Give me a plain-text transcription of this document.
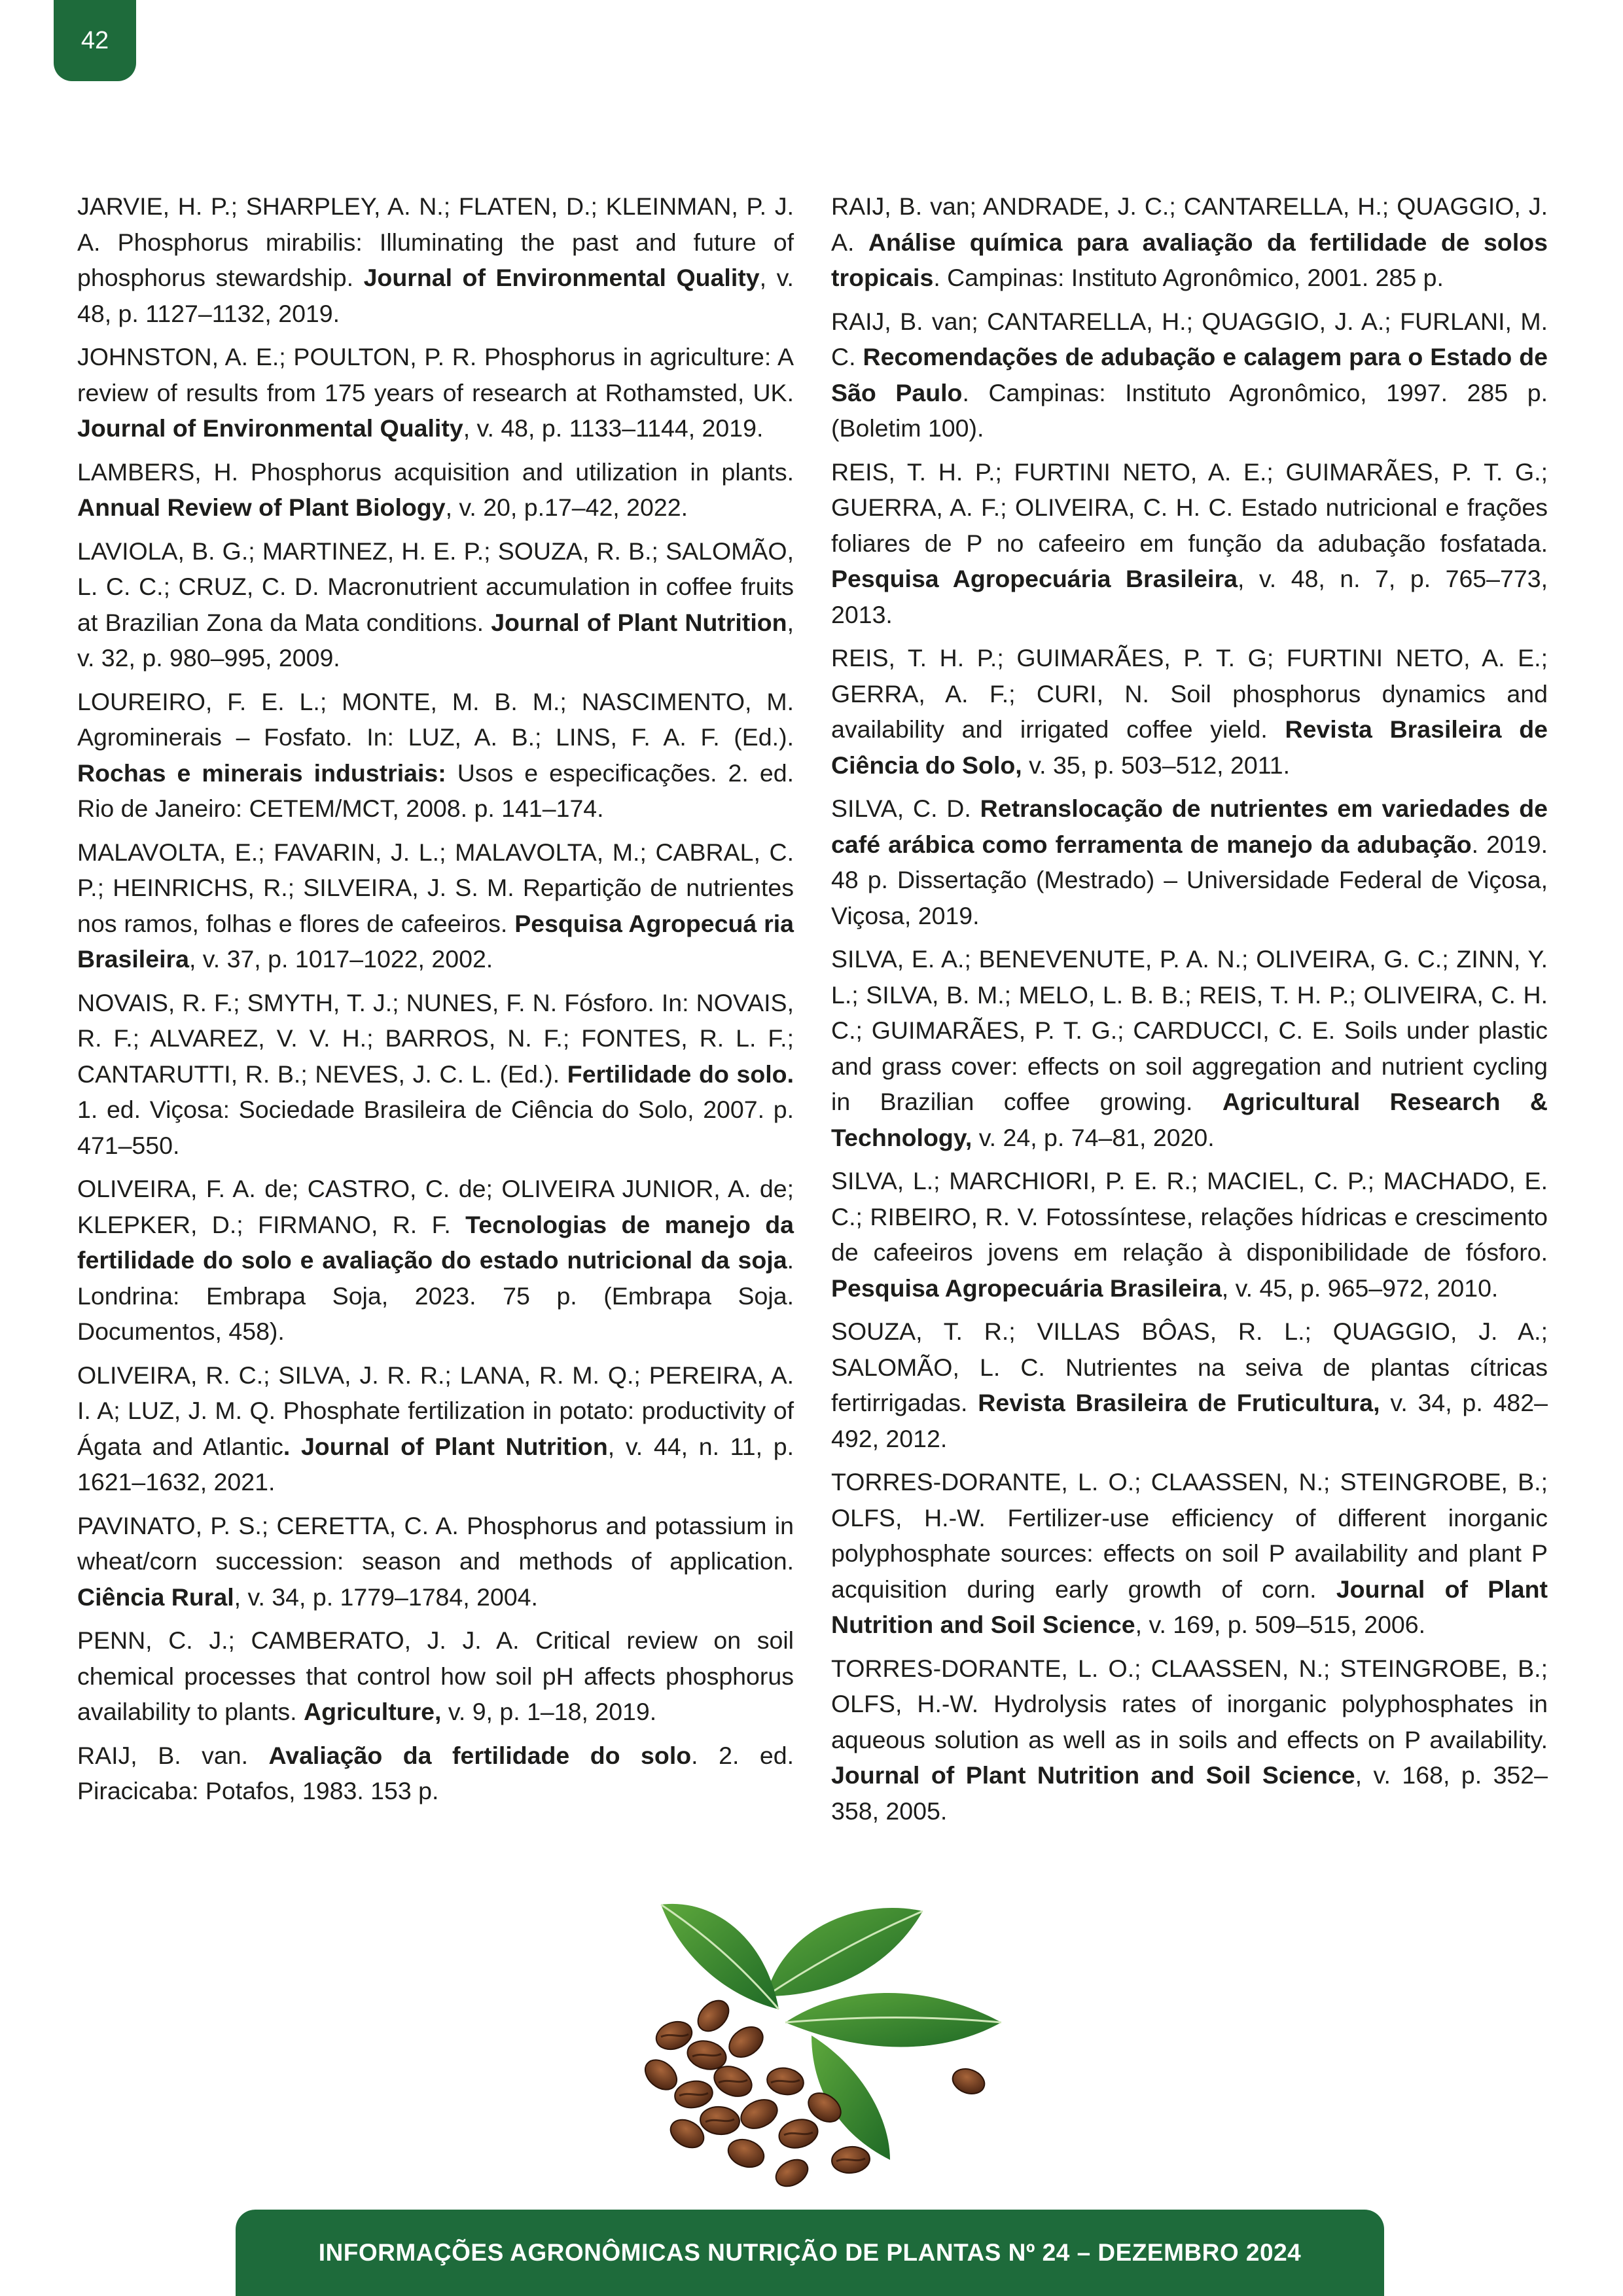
42

JARVIE, H. P.; SHARPLEY, A. N.; FLATEN, D.; KLEINMAN, P. J. A. Phosphorus mirabilis: Illuminating the past and future of phosphorus stewardship. Journal of Environmental Quality, v. 48, p. 1127–1132, 2019.

JOHNSTON, A. E.; POULTON, P. R. Phosphorus in agriculture: A review of results from 175 years of research at Rothamsted, UK. Journal of Environmental Quality, v. 48, p. 1133–1144, 2019.

LAMBERS, H. Phosphorus acquisition and utilization in plants. Annual Review of Plant Biology, v. 20, p.17–42, 2022.

LAVIOLA, B. G.; MARTINEZ, H. E. P.; SOUZA, R. B.; SALOMÃO, L. C. C.; CRUZ, C. D. Macronutrient accumulation in coffee fruits at Brazilian Zona da Mata conditions. Journal of Plant Nutrition, v. 32, p. 980–995, 2009.

LOUREIRO, F. E. L.; MONTE, M. B. M.; NASCIMENTO, M. Agrominerais – Fosfato. In: LUZ, A. B.; LINS, F. A. F. (Ed.). Rochas e minerais industriais: Usos e especificações. 2. ed. Rio de Janeiro: CETEM/MCT, 2008. p. 141–174.

MALAVOLTA, E.; FAVARIN, J. L.; MALAVOLTA, M.; CABRAL, C. P.; HEINRICHS, R.; SILVEIRA, J. S. M. Repartição de nutrientes nos ramos, folhas e flores de cafeeiros. Pesquisa Agropecuá ria Brasileira, v. 37, p. 1017–1022, 2002.

NOVAIS, R. F.; SMYTH, T. J.; NUNES, F. N. Fósforo. In: NOVAIS, R. F.; ALVAREZ, V. V. H.; BARROS, N. F.; FONTES, R. L. F.; CANTARUTTI, R. B.; NEVES, J. C. L. (Ed.). Fertilidade do solo. 1. ed. Viçosa: Sociedade Brasileira de Ciência do Solo, 2007. p. 471–550.

OLIVEIRA, F. A. de; CASTRO, C. de; OLIVEIRA JUNIOR, A. de; KLEPKER, D.; FIRMANO, R. F. Tecnologias de manejo da fertilidade do solo e avaliação do estado nutricional da soja. Londrina: Embrapa Soja, 2023. 75 p. (Embrapa Soja. Documentos, 458).

OLIVEIRA, R. C.; SILVA, J. R. R.; LANA, R. M. Q.; PEREIRA, A. I. A; LUZ, J. M. Q. Phosphate fertilization in potato: productivity of Ágata and Atlantic. Journal of Plant Nutrition, v. 44, n. 11, p. 1621–1632, 2021.

PAVINATO, P. S.; CERETTA, C. A. Phosphorus and potassium in wheat/corn succession: season and methods of application. Ciência Rural, v. 34, p. 1779–1784, 2004.

PENN, C. J.; CAMBERATO, J. J. A. Critical review on soil chemical processes that control how soil pH affects phosphorus availability to plants. Agriculture, v. 9, p. 1–18, 2019.

RAIJ, B. van. Avaliação da fertilidade do solo. 2. ed. Piracicaba: Potafos, 1983. 153 p.

RAIJ, B. van; ANDRADE, J. C.; CANTARELLA, H.; QUAGGIO, J. A. Análise química para avaliação da fertilidade de solos tropicais. Campinas: Instituto Agronômico, 2001. 285 p.

RAIJ, B. van; CANTARELLA, H.; QUAGGIO, J. A.; FURLANI, M. C. Recomendações de adubação e calagem para o Estado de São Paulo. Campinas: Instituto Agronômico, 1997. 285 p. (Boletim 100).

REIS, T. H. P.; FURTINI NETO, A. E.; GUIMARÃES, P. T. G.; GUERRA, A. F.; OLIVEIRA, C. H. C. Estado nutricional e frações foliares de P no cafeeiro em função da adubação fosfatada. Pesquisa Agropecuária Brasileira, v. 48, n. 7, p. 765–773, 2013.

REIS, T. H. P.; GUIMARÃES, P. T. G; FURTINI NETO, A. E.; GERRA, A. F.; CURI, N. Soil phosphorus dynamics and availability and irrigated coffee yield. Revista Brasileira de Ciência do Solo, v. 35, p. 503–512, 2011.

SILVA, C. D. Retranslocação de nutrientes em variedades de café arábica como ferramenta de manejo da adubação. 2019. 48 p. Dissertação (Mestrado) – Universidade Federal de Viçosa, Viçosa, 2019.

SILVA, E. A.; BENEVENUTE, P. A. N.; OLIVEIRA, G. C.; ZINN, Y. L.; SILVA, B. M.; MELO, L. B. B.; REIS, T. H. P.; OLIVEIRA, C. H. C.; GUIMARÃES, P. T. G.; CARDUCCI, C. E. Soils under plastic and grass cover: effects on soil aggregation and nutrient cycling in Brazilian coffee growing. Agricultural Research & Technology, v. 24, p. 74–81, 2020.

SILVA, L.; MARCHIORI, P. E. R.; MACIEL, C. P.; MACHADO, E. C.; RIBEIRO, R. V. Fotossíntese, relações hídricas e crescimento de cafeeiros jovens em relação à disponibilidade de fósforo. Pesquisa Agropecuária Brasileira, v. 45, p. 965–972, 2010.

SOUZA, T. R.; VILLAS BÔAS, R. L.; QUAGGIO, J. A.; SALOMÃO, L. C. Nutrientes na seiva de plantas cítricas fertirrigadas. Revista Brasileira de Fruticultura, v. 34, p. 482–492, 2012.

TORRES-DORANTE, L. O.; CLAASSEN, N.; STEINGROBE, B.; OLFS, H.-W. Fertilizer-use efficiency of different inorganic polyphosphate sources: effects on soil P availability and plant P acquisition during early growth of corn. Journal of Plant Nutrition and Soil Science, v. 169, p. 509–515, 2006.

TORRES-DORANTE, L. O.; CLAASSEN, N.; STEINGROBE, B.; OLFS, H.-W. Hydrolysis rates of inorganic polyphosphates in aqueous solution as well as in soils and effects on P availability. Journal of Plant Nutrition and Soil Science, v. 168, p. 352–358, 2005.

INFORMAÇÕES AGRONÔMICAS NUTRIÇÃO DE PLANTAS Nº 24 – DEZEMBRO 2024
